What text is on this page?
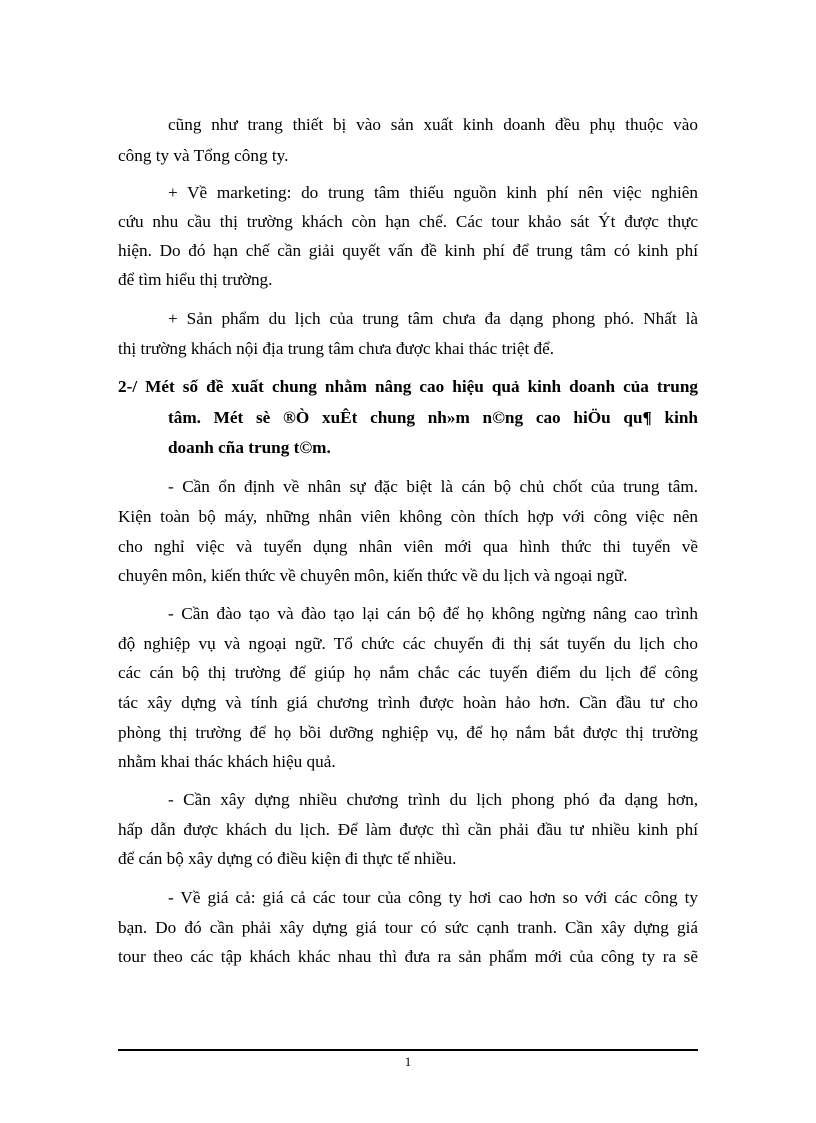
cũng như trang thiết bị vào sản xuất kinh doanh đều phụ thuộc vào
công ty và Tổng công ty.
+ Về marketing: do trung tâm thiếu nguồn kinh phí nên việc nghiên
cứu nhu cầu thị trường khách còn hạn chế. Các tour khảo sát Ýt được thực
hiện. Do đó hạn chế cần giải quyết vấn đề kinh phí để trung tâm có kinh phí
để tìm hiểu thị trường.
+ Sản phẩm du lịch của trung tâm chưa đa dạng phong phó. Nhất là
thị trường khách nội địa trung tâm chưa được khai thác triệt để.
2-/ Mét số đề xuất chung nhằm nâng cao hiệu quả kinh doanh của trung
tâm. Mét sè ®Ò xuÊt chung nh»m n©ng cao hiÖu qu¶ kinh
doanh cña trung t©m.
- Cần ổn định về nhân sự đặc biệt là cán bộ chủ chốt của trung tâm.
Kiện toàn bộ máy, những nhân viên không còn thích hợp với công việc nên
cho nghỉ việc và tuyển dụng nhân viên mới qua hình thức thi tuyển về
chuyên môn, kiến thức về chuyên môn, kiến thức về du lịch và ngoại ngữ.
- Cần đào tạo và đào tạo lại cán bộ để họ không ngừng nâng cao trình
độ nghiệp vụ và ngoại ngữ. Tổ chức các chuyến đi thị sát tuyến du lịch cho
các cán bộ thị trường để giúp họ nắm chắc các tuyến điểm du lịch để công
tác xây dựng và tính giá chương trình được hoàn hảo hơn. Cần đầu tư cho
phòng thị trường để họ bồi dưỡng nghiệp vụ, để họ nắm bắt được thị trường
nhằm khai thác khách hiệu quả.
- Cần xây dựng nhiều chương trình du lịch phong phó đa dạng hơn,
hấp dẫn được khách du lịch. Để làm được thì cần phải đầu tư nhiều kinh phí
để cán bộ xây dựng có điều kiện đi thực tế nhiều.
- Về giá cả: giá cả các tour của công ty hơi cao hơn so với các công ty
bạn. Do đó cần phải xây dựng giá tour có sức cạnh tranh. Cần xây dựng giá
tour theo các tập khách khác nhau thì đưa ra sản phẩm mới của công ty ra sẽ
1
